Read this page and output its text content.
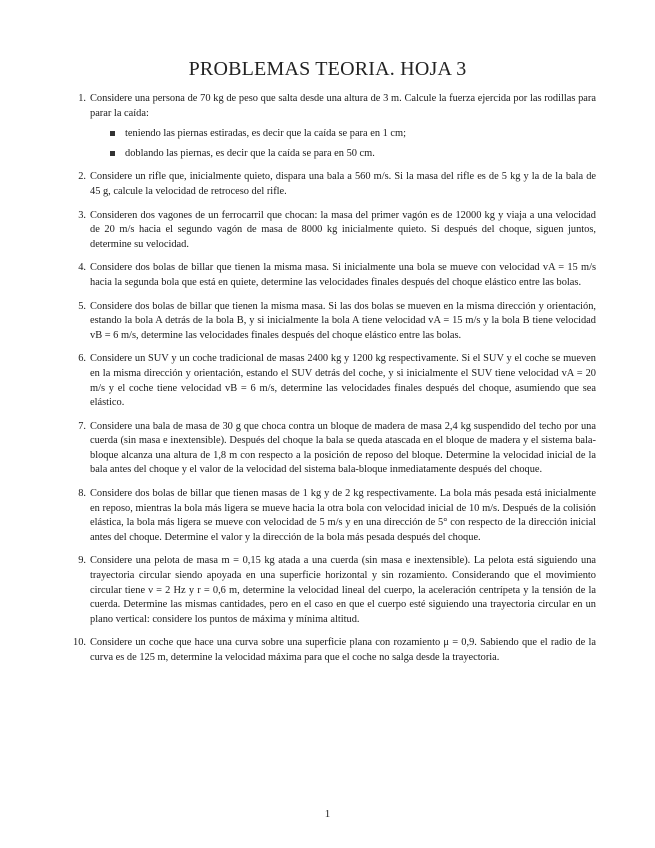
PROBLEMAS TEORIA. HOJA 3
1. Considere una persona de 70 kg de peso que salta desde una altura de 3 m. Calcule la fuerza ejercida por las rodillas para parar la caída:
teniendo las piernas estiradas, es decir que la caída se para en 1 cm;
doblando las piernas, es decir que la caída se para en 50 cm.
2. Considere un rifle que, inicialmente quieto, dispara una bala a 560 m/s. Si la masa del rifle es de 5 kg y la de la bala de 45 g, calcule la velocidad de retroceso del rifle.
3. Consideren dos vagones de un ferrocarril que chocan: la masa del primer vagón es de 12000 kg y viaja a una velocidad de 20 m/s hacia el segundo vagón de masa de 8000 kg inicialmente quieto. Si después del choque, siguen juntos, determine su velocidad.
4. Considere dos bolas de billar que tienen la misma masa. Si inicialmente una bola se mueve con velocidad vA = 15 m/s hacia la segunda bola que está en quiete, determine las velocidades finales después del choque elástico entre las bolas.
5. Considere dos bolas de billar que tienen la misma masa. Si las dos bolas se mueven en la misma dirección y orientación, estando la bola A detrás de la bola B, y si inicialmente la bola A tiene velocidad vA = 15 m/s y la bola B tiene velocidad vB = 6 m/s, determine las velocidades finales después del choque elástico entre las bolas.
6. Considere un SUV y un coche tradicional de masas 2400 kg y 1200 kg respectivamente. Si el SUV y el coche se mueven en la misma dirección y orientación, estando el SUV detrás del coche, y si inicialmente el SUV tiene velocidad vA = 20 m/s y el coche tiene velocidad vB = 6 m/s, determine las velocidades finales después del choque, asumiendo que sea elástico.
7. Considere una bala de masa de 30 g que choca contra un bloque de madera de masa 2,4 kg suspendido del techo por una cuerda (sin masa e inextensible). Después del choque la bala se queda atascada en el bloque de madera y el sistema bala-bloque alcanza una altura de 1,8 m con respecto a la posición de reposo del bloque. Determine la velocidad inicial de la bala antes del choque y el valor de la velocidad del sistema bala-bloque inmediatamente después del choque.
8. Considere dos bolas de billar que tienen masas de 1 kg y de 2 kg respectivamente. La bola más pesada está inicialmente en reposo, mientras la bola más ligera se mueve hacia la otra bola con velocidad inicial de 10 m/s. Después de la colisión elástica, la bola más ligera se mueve con velocidad de 5 m/s y en una dirección de 5° con respecto de la dirección inicial antes del choque. Determine el valor y la dirección de la bola más pesada después del choque.
9. Considere una pelota de masa m = 0,15 kg atada a una cuerda (sin masa e inextensible). La pelota está siguiendo una trayectoria circular siendo apoyada en una superficie horizontal y sin rozamiento. Considerando que el movimiento circular tiene ν = 2 Hz y r = 0,6 m, determine la velocidad lineal del cuerpo, la aceleración centrípeta y la tensión de la cuerda. Determine las mismas cantidades, pero en el caso en que el cuerpo esté siguiendo una trayectoria circular en un plano vertical: considere los puntos de máxima y mínima altitud.
10. Considere un coche que hace una curva sobre una superficie plana con rozamiento μ = 0,9. Sabiendo que el radio de la curva es de 125 m, determine la velocidad máxima para que el coche no salga desde la trayectoria.
1
